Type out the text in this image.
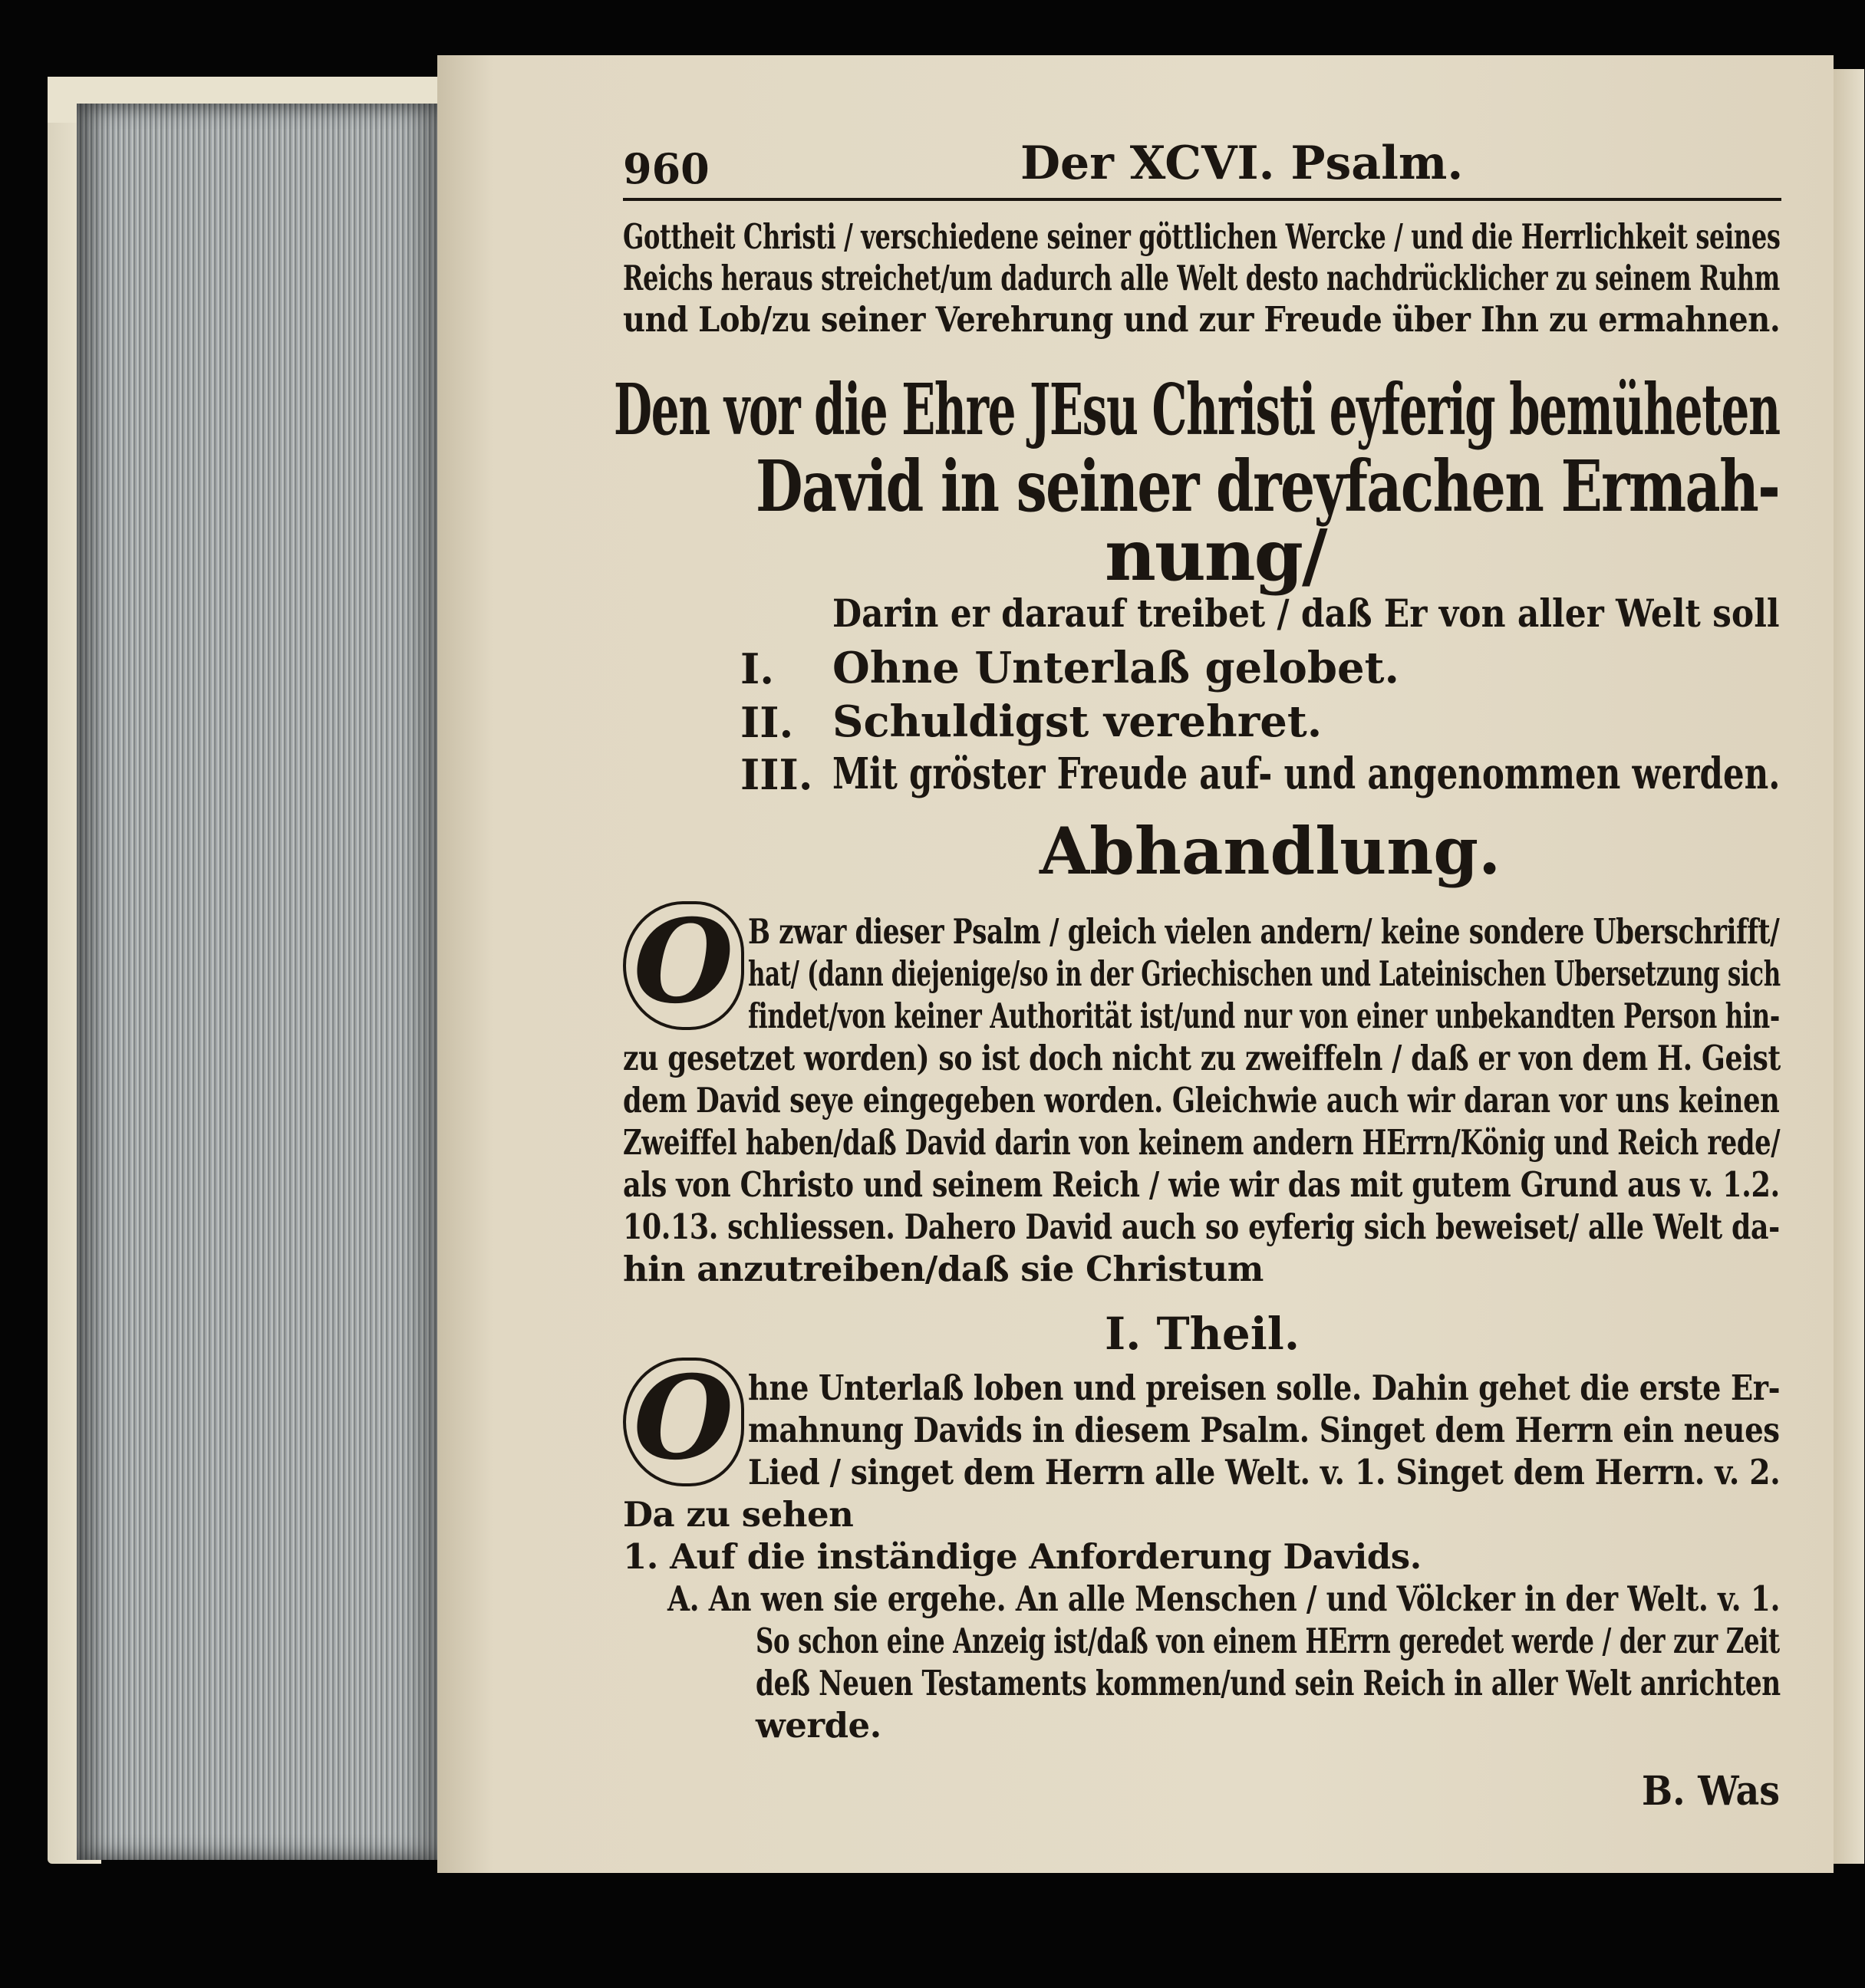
960	Der XCVI. Psalm.
Gottheit Christi / verschiedene seiner göttlichen Wercke / und die Herrlichkeit seines
Reichs heraus streichet/um dadurch alle Welt desto nachdrücklicher zu seinem Ruhm
und Lob/zu seiner Verehrung und zur Freude über Ihn zu ermahnen.
Den vor die Ehre JEsu Christi eyferig bemüheten
David in seiner dreyfachen Ermah-
nung/
Darin er darauf treibet / daß Er von aller Welt soll
I. Ohne Unterlaß gelobet.
II. Schuldigst verehret.
III. Mit gröster Freude auf- und angenommen werden.
Abhandlung.
O B zwar dieser Psalm / gleich vielen andern/ keine sondere Uberschrifft/
hat/ (dann diejenige/so in der Griechischen und Lateinischen Ubersetzung sich
findet/von keiner Authorität ist/und nur von einer unbekandten Person hin-
zu gesetzet worden) so ist doch nicht zu zweiffeln / daß er von dem H. Geist
dem David seye eingegeben worden. Gleichwie auch wir daran vor uns keinen
Zweiffel haben/daß David darin von keinem andern HErrn/König und Reich rede/
als von Christo und seinem Reich / wie wir das mit gutem Grund aus v. 1.2.
10.13. schliessen. Dahero David auch so eyferig sich beweiset/ alle Welt da-
hin anzutreiben/daß sie Christum
I. Theil.
O hne Unterlaß loben und preisen solle. Dahin gehet die erste Er-
mahnung Davids in diesem Psalm. Singet dem Herrn ein neues
Lied / singet dem Herrn alle Welt. v. 1. Singet dem Herrn. v. 2.
Da zu sehen
1. Auf die inständige Anforderung Davids.
A. An wen sie ergehe. An alle Menschen / und Völcker in der Welt. v. 1.
So schon eine Anzeig ist/daß von einem HErrn geredet werde / der zur Zeit
deß Neuen Testaments kommen/und sein Reich in aller Welt anrichten
werde.
B. Was
